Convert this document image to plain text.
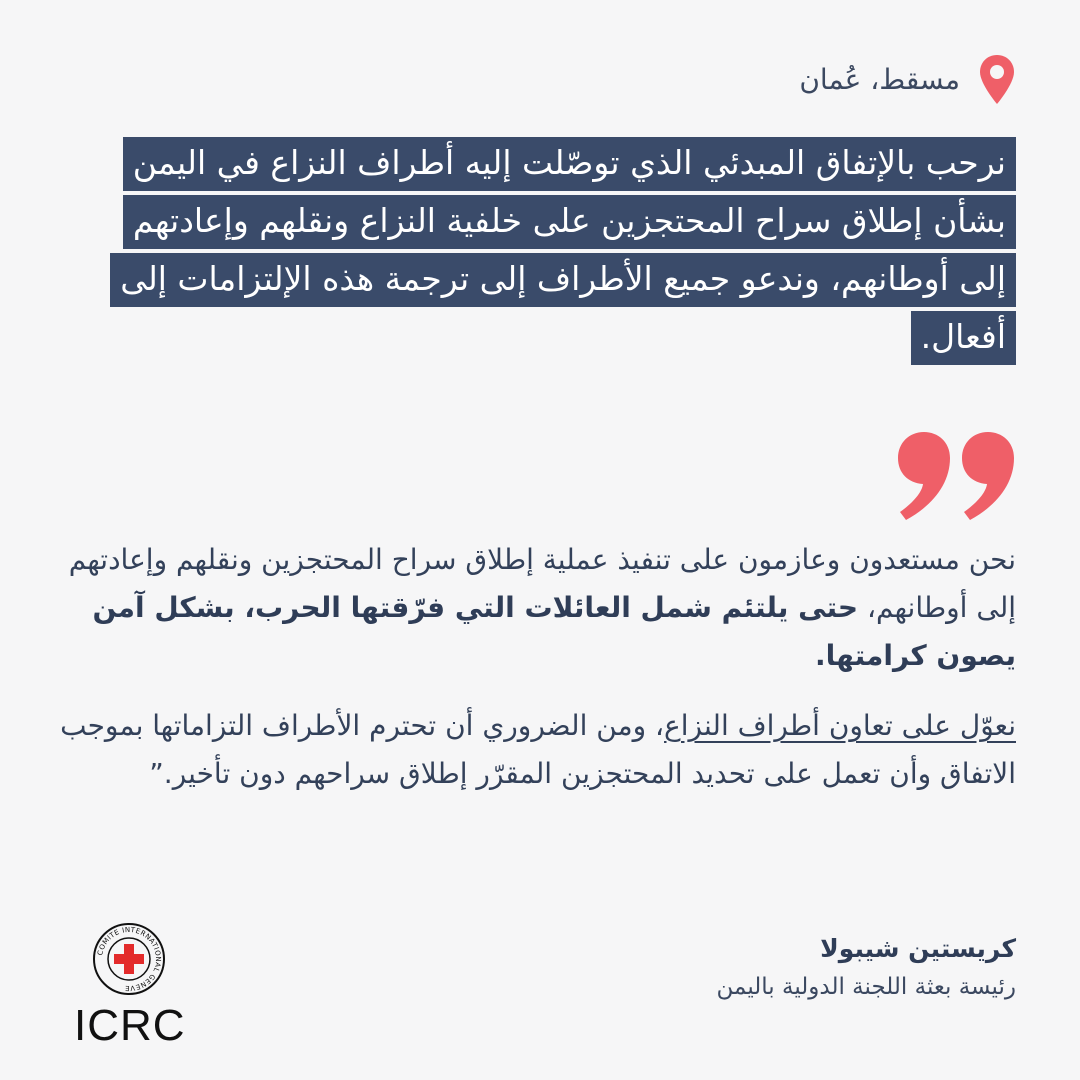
مسقط، عُمان
نرحب بالإتفاق المبدئي الذي توصّلت إليه أطراف النزاع في اليمن بشأن إطلاق سراح المحتجزين على خلفية النزاع ونقلهم وإعادتهم إلى أوطانهم، وندعو جميع الأطراف إلى ترجمة هذه الإلتزامات إلى أفعال.

نحن مستعدون وعازمون على تنفيذ عملية إطلاق سراح المحتجزين ونقلهم وإعادتهم إلى أوطانهم، حتى يلتئم شمل العائلات التي فرّقتها الحرب، بشكل آمن يصون كرامتها.

نعوّل على تعاون أطراف النزاع، ومن الضروري أن تحترم الأطراف التزاماتها بموجب الاتفاق وأن تعمل على تحديد المحتجزين المقرّر إطلاق سراحهم دون تأخير.”

COMITE INTERNATIONAL GENEVE
ICRC
كريستين شيبولا
رئيسة بعثة اللجنة الدولية باليمن
